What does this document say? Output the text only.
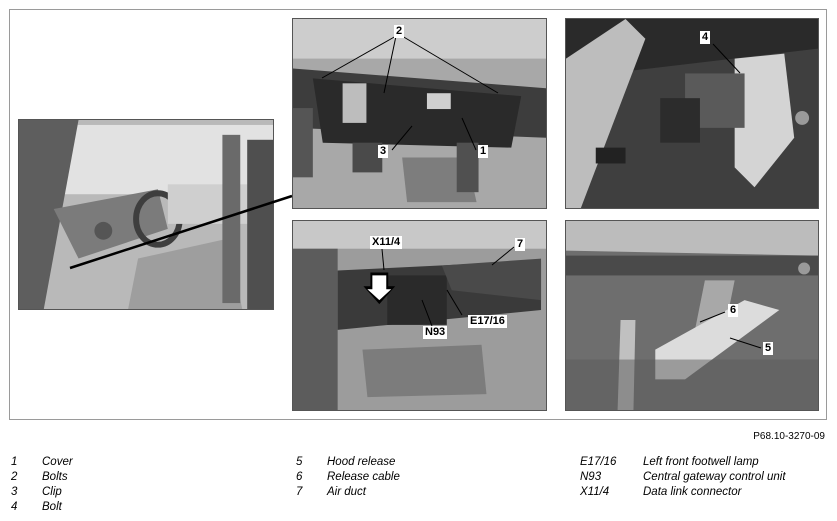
2
3	1
4
X11/4	7
E17/16
N93
6
5
P68.10-3270-09
1 Cover
2 Bolts
3 Clip
4 Bolt
5 Hood release
6 Release cable
7 Air duct
E17/16 Left front footwell lamp
N93	Central gateway control unit
X11/4	Data link connector
